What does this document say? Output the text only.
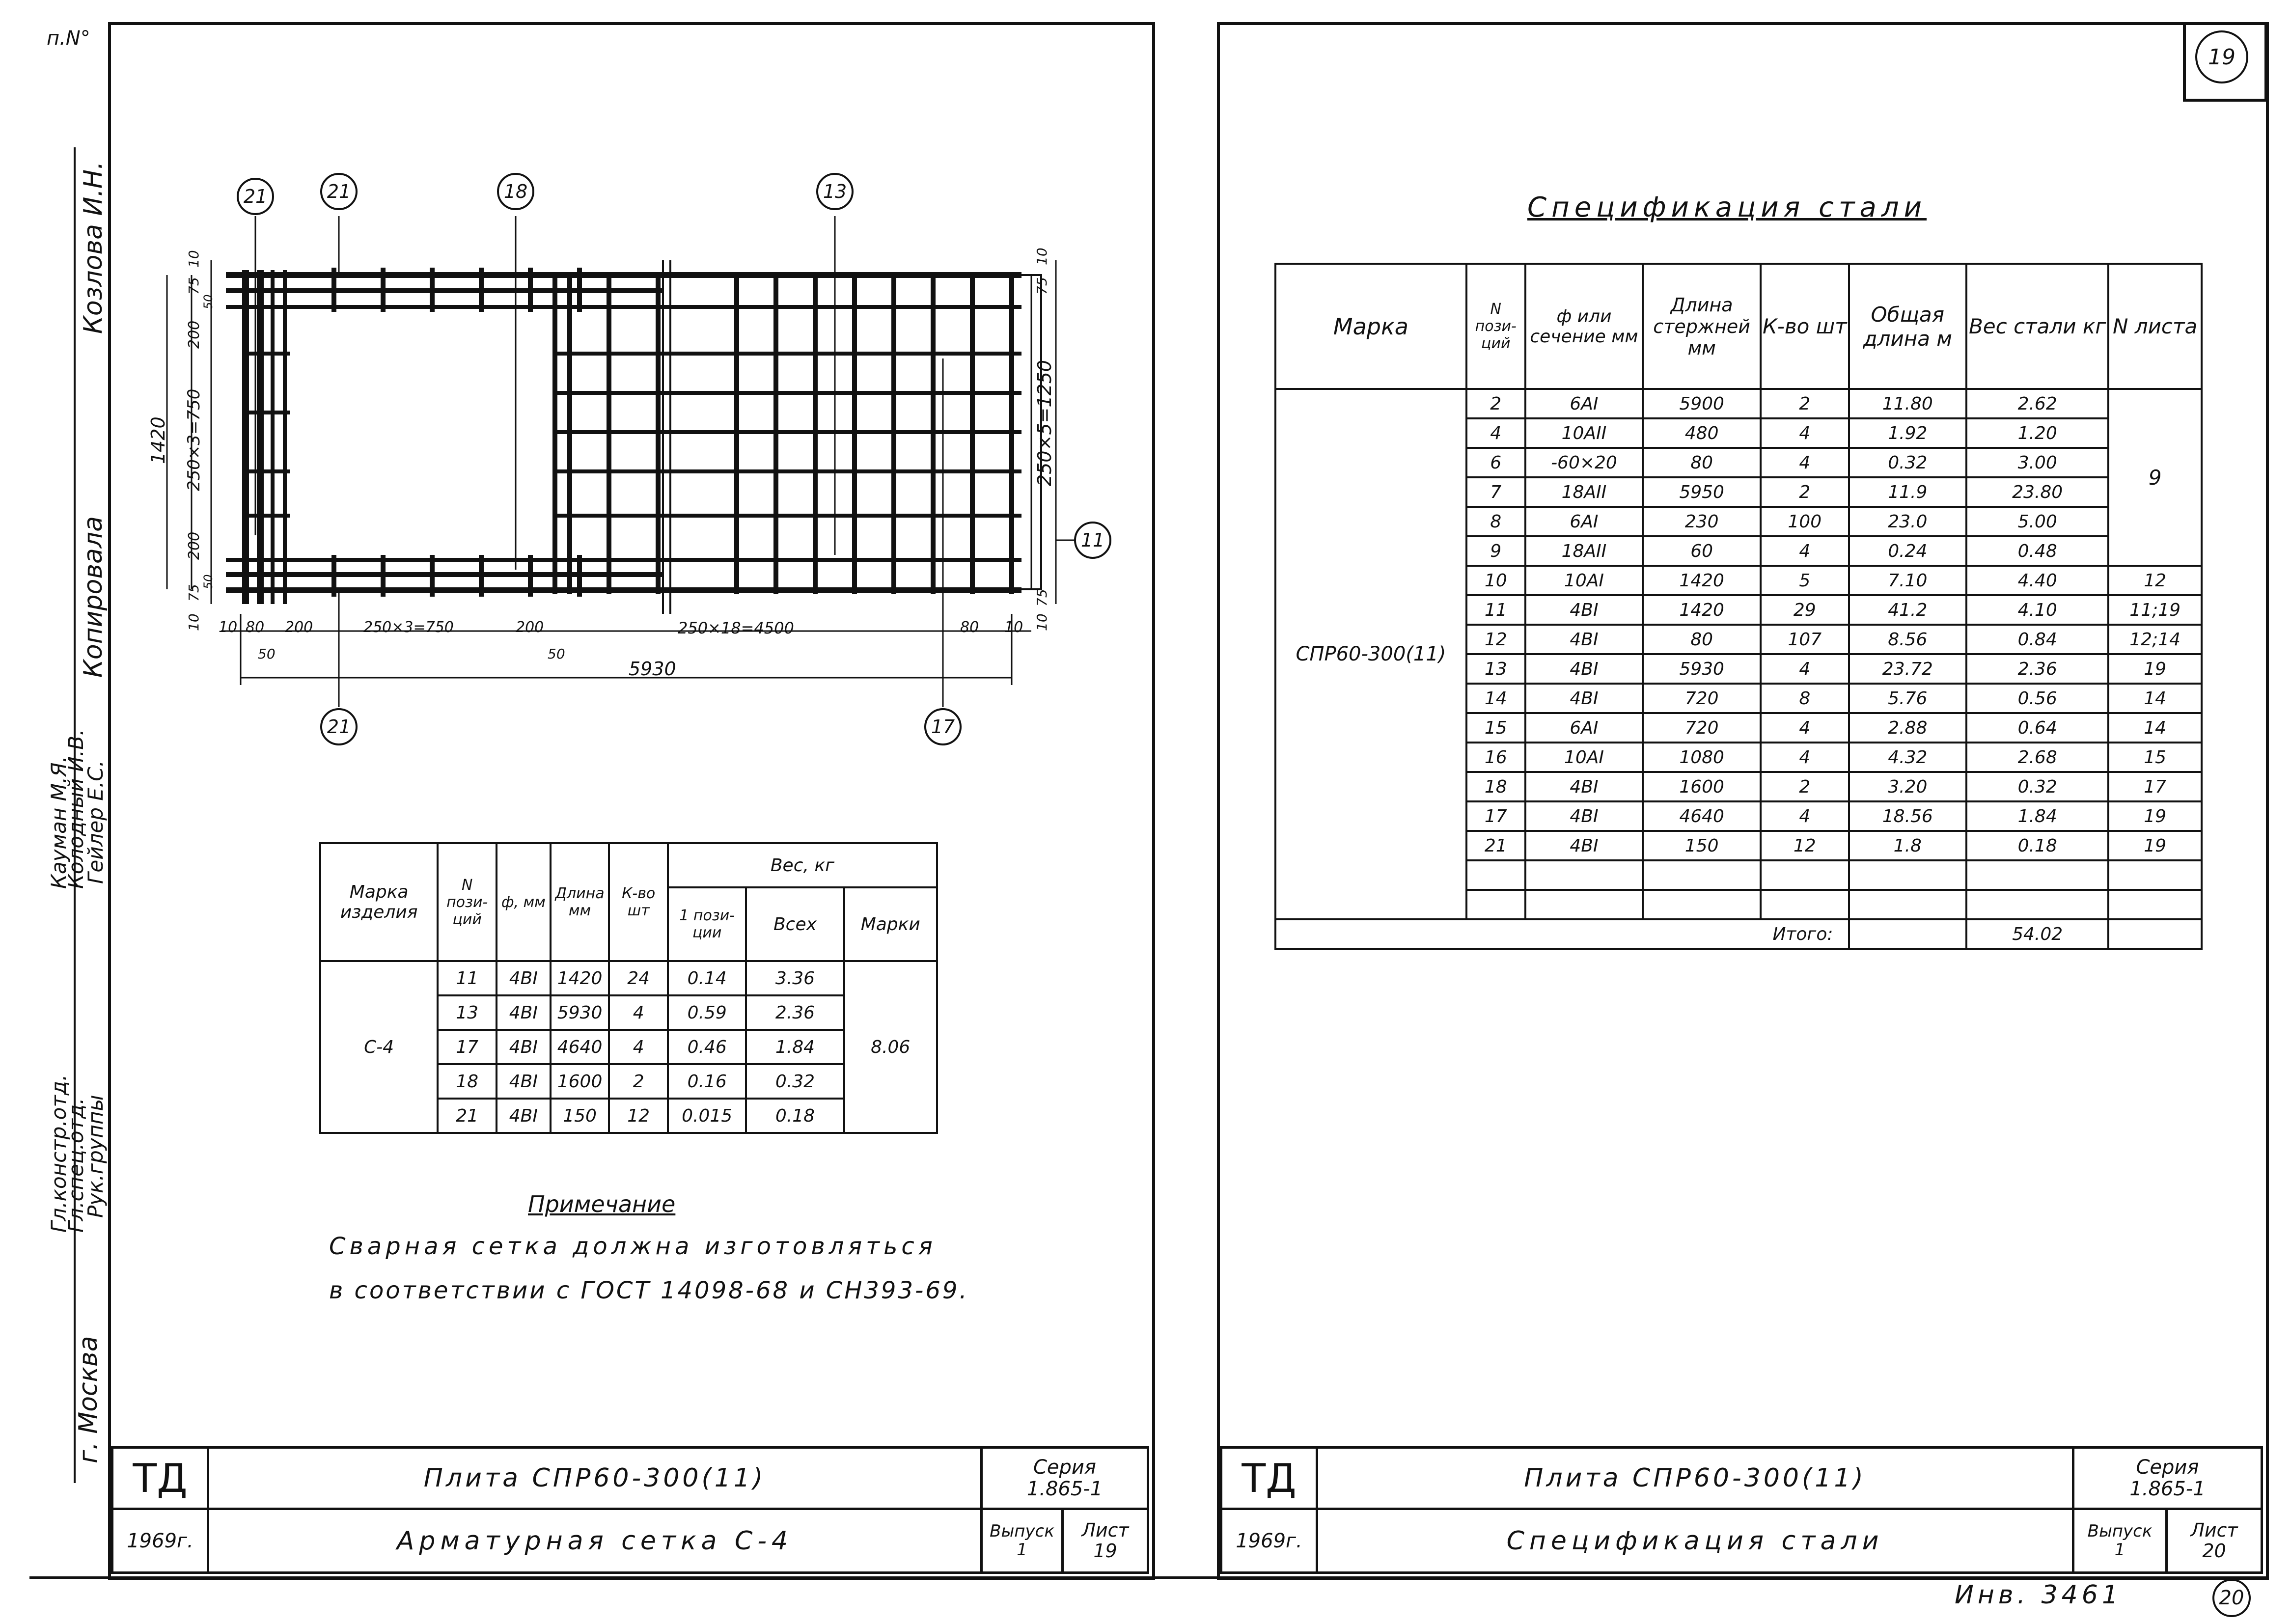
п.N°
Козлова И.Н.
Копировала
Кауман М.Я.
Колодный И.В.
Гейлер Е.С.
Гл.констр.отд.
Гл.спец.отд.
Рук.группы
г. Москва
21	21	18	13
11
21	17
1420 250×3=750
200
200
75
75
50
50
10
10
250×5=1250
10
75
75
10
10 80 200	250×3=750	200	250×18=4500	80 10
50	50
5930
Марка изделия	N пози- ций	ф, мм	Длина мм	К-во шт	Вес, кг		
					1 пози- ции	Всех	Марки
С-4	11	4BI	1420	24	0.14	3.36	8.06
	13	4BI	5930	4	0.59	2.36	
	17	4BI	4640	4	0.46	1.84	
	18	4BI	1600	2	0.16	0.32	
	21	4BI	150	12	0.015	0.18	
Примечание
Сварная сетка должна изготовляться
в соответствии с ГОСТ 14098-68 и СН393-69.
ТД	Плита СПР60-300(11)	Серия
1.865-1
1969г.	Арматурная сетка С-4	Выпуск
1
Лист
19
19
Спецификация стали
Марка	N пози- ций	ф или сечение мм	Длина стержней мм	К-во шт	Общая длина м	Вес стали кг	N листа
СПР60-300(11)	2	6AI	5900	2	11.80	2.62	9
	4	10AII	480	4	1.92	1.20	
	6	-60×20	80	4	0.32	3.00	
	7	18AII	5950	2	11.9	23.80	
	8	6AI	230	100	23.0	5.00	
	9	18AII	60	4	0.24	0.48	
	10	10AI	1420	5	7.10	4.40	12
	11	4BI	1420	29	41.2	4.10	11;19
	12	4BI	80	107	8.56	0.84	12;14
	13	4BI	5930	4	23.72	2.36	19
	14	4BI	720	8	5.76	0.56	14
	15	6AI	720	4	2.88	0.64	14
	16	10AI	1080	4	4.32	2.68	15
	18	4BI	1600	2	3.20	0.32	17
	17	4BI	4640	4	18.56	1.84	19
	21	4BI	150	12	1.8	0.18	19

Итого:						54.02	
ТД	Плита СПР60-300(11)	Серия
1.865-1
1969г.	Спецификация стали	Выпуск
1
Лист
20
Инв. 3461	20
